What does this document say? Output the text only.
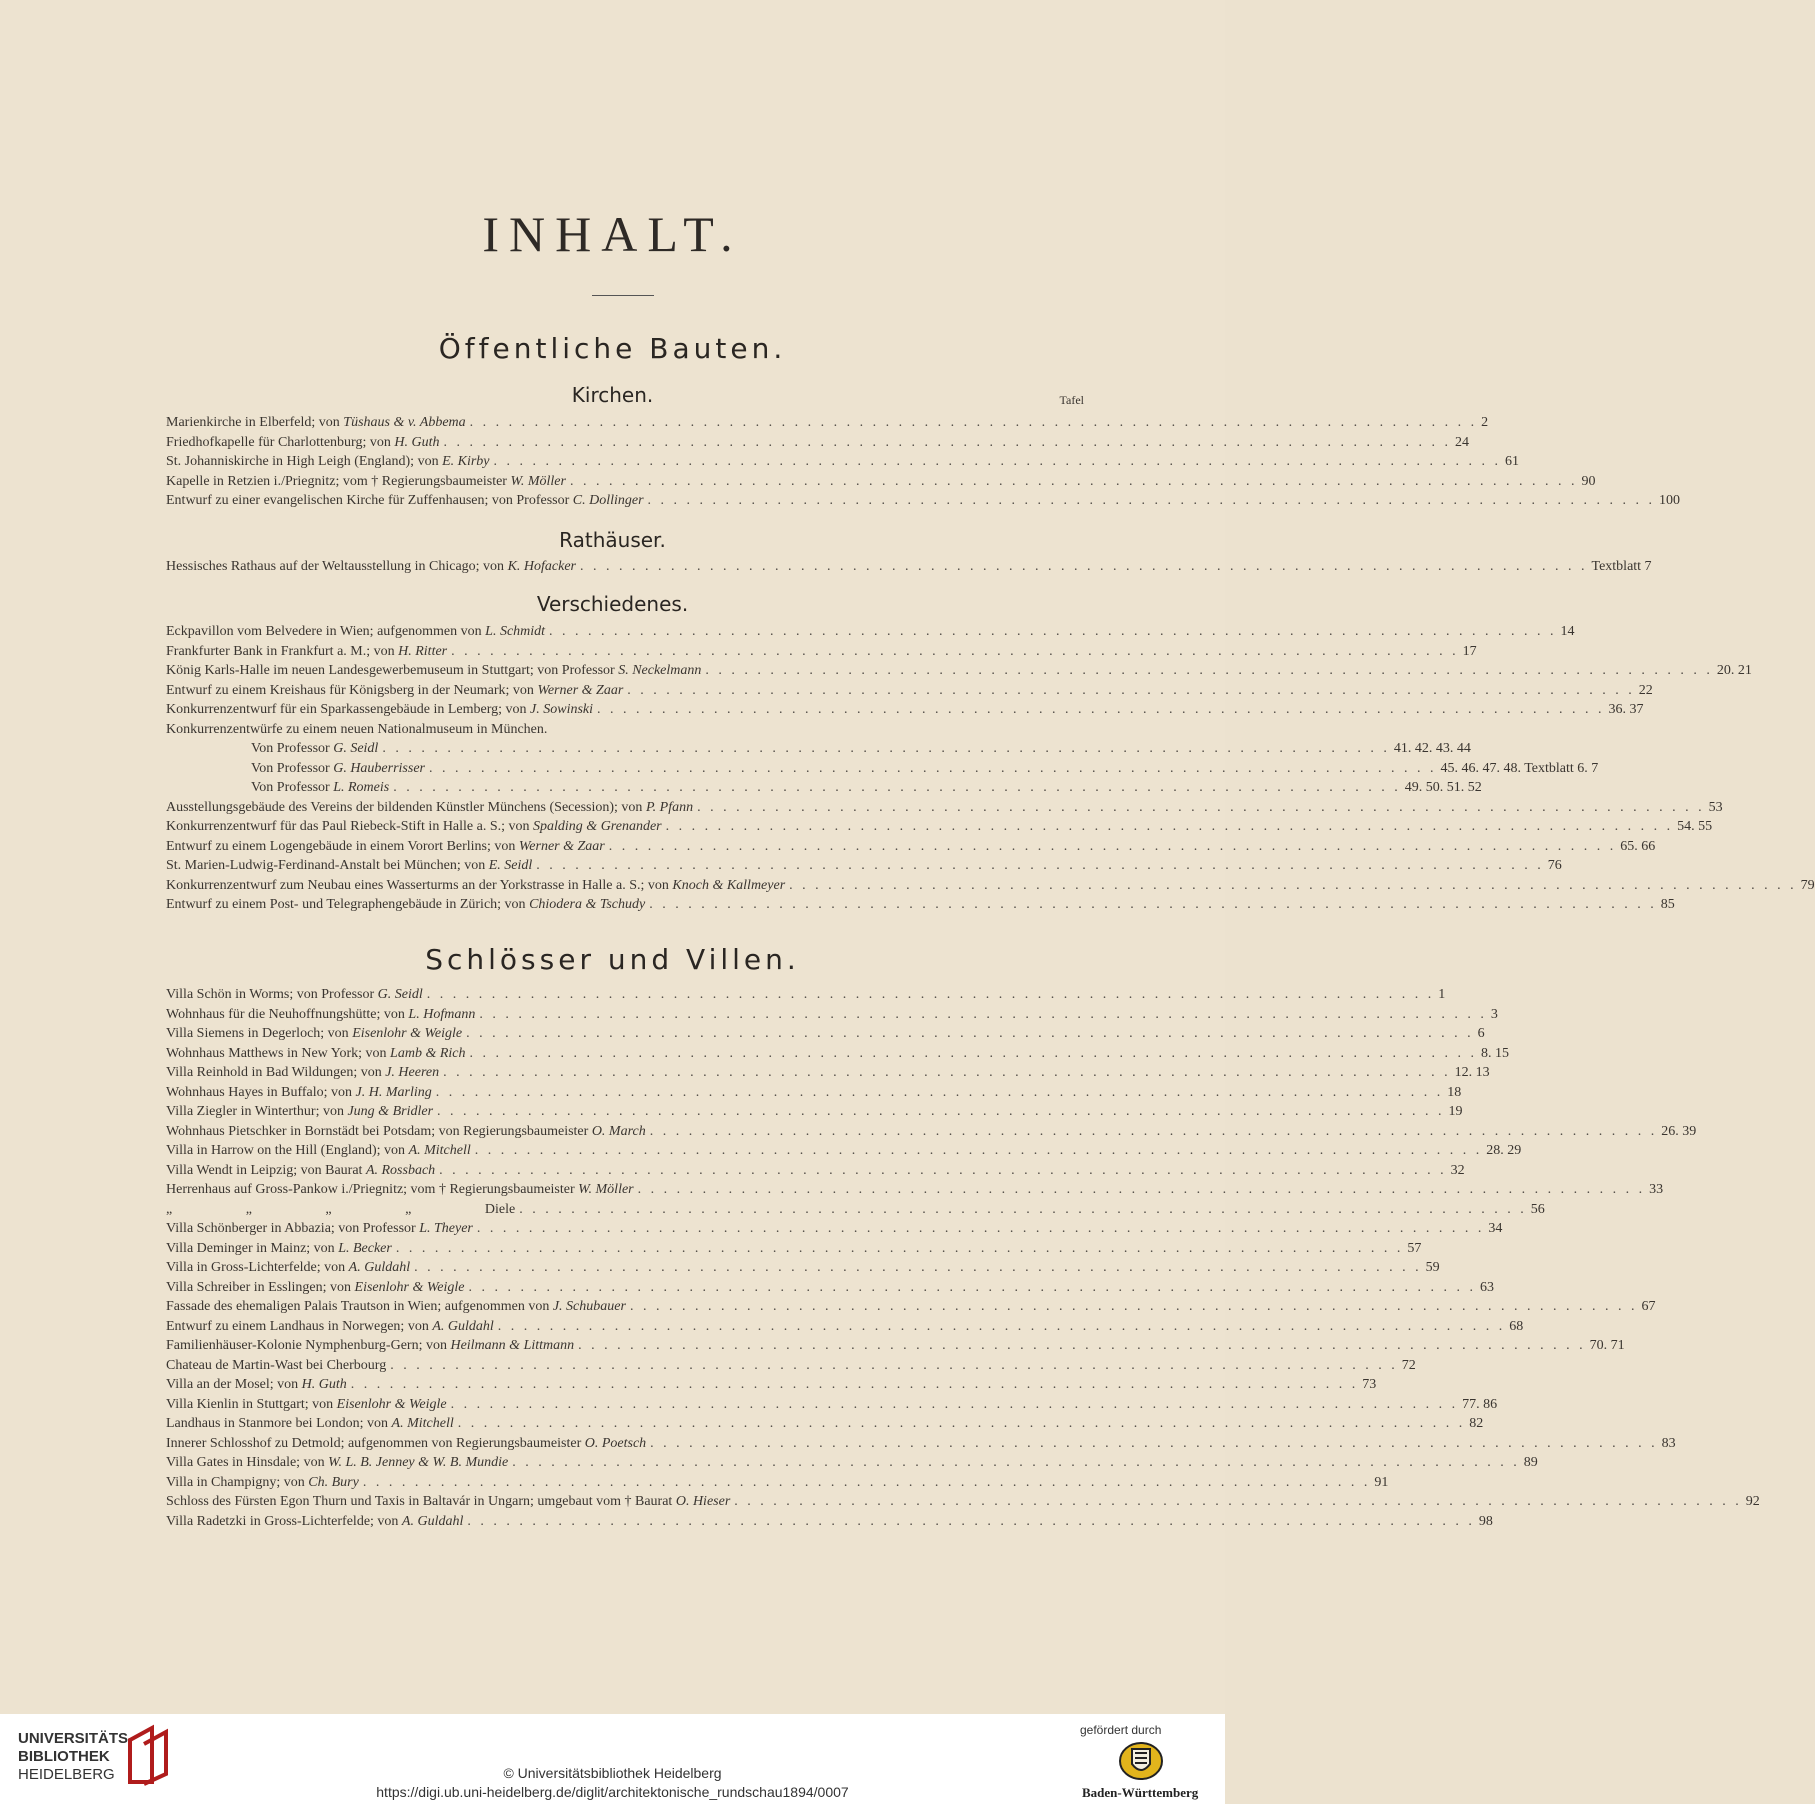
INHALT.
Öffentliche Bauten.
Kirchen.	Tafel
Marienkirche in Elberfeld; von Tüshaus & v. Abbema . . .	2
Friedhofkapelle für Charlottenburg; von H. Guth . . .	24
St. Johanniskirche in High Leigh (England); von E. Kirby . . .	61
Kapelle in Retzien i./Priegnitz; vom † Regierungsbaumeister W. Möller . . .	90
Entwurf zu einer evangelischen Kirche für Zuffenhausen; von Professor C. Dollinger . . .	100
Rathäuser.
Hessisches Rathaus auf der Weltausstellung in Chicago; von K. Hofacker . . .	Textblatt 7
Verschiedenes.
Eckpavillon vom Belvedere in Wien; aufgenommen von L. Schmidt . . .	14
Frankfurter Bank in Frankfurt a. M.; von H. Ritter . . .	17
König Karls-Halle im neuen Landesgewerbemuseum in Stuttgart; von Professor S. Neckelmann . . .	20. 21
Entwurf zu einem Kreishaus für Königsberg in der Neumark; von Werner & Zaar . . .	22
Konkurrenzentwurf für ein Sparkassengebäude in Lemberg; von J. Sowinski . . .	36. 37
Konkurrenzentwürfe zu einem neuen Nationalmuseum in München.
Von Professor G. Seidl . . .	41. 42. 43. 44
Von Professor G. Hauberrisser . . .	45. 46. 47. 48. Textblatt 6. 7
Von Professor L. Romeis . . .	49. 50. 51. 52
Ausstellungsgebäude des Vereins der bildenden Künstler Münchens (Secession); von P. Pfann . . .	53
Konkurrenzentwurf für das Paul Riebeck-Stift in Halle a. S.; von Spalding & Grenander . . .	54. 55
Entwurf zu einem Logengebäude in einem Vorort Berlins; von Werner & Zaar . . .	65. 66
St. Marien-Ludwig-Ferdinand-Anstalt bei München; von E. Seidl . . .	76
Konkurrenzentwurf zum Neubau eines Wasserturms an der Yorkstrasse in Halle a. S.; von Knoch & Kallmeyer . . .	79
Entwurf zu einem Post- und Telegraphengebäude in Zürich; von Chiodera & Tschudy . . .	85
Schlösser und Villen.
Villa Schön in Worms; von Professor G. Seidl . . .	1
Wohnhaus für die Neuhoffnungshütte; von L. Hofmann . . .	3
Villa Siemens in Degerloch; von Eisenlohr & Weigle . . .	6
Wohnhaus Matthews in New York; von Lamb & Rich . . .	8. 15
Villa Reinhold in Bad Wildungen; von J. Heeren . . .	12. 13
Wohnhaus Hayes in Buffalo; von J. H. Marling . . .	18
Villa Ziegler in Winterthur; von Jung & Bridler . . .	19
Wohnhaus Pietschker in Bornstädt bei Potsdam; von Regierungsbaumeister O. March . . .	26. 39
Villa in Harrow on the Hill (England); von A. Mitchell . . .	28. 29
Villa Wendt in Leipzig; von Baurat A. Rossbach . . .	32
Herrenhaus auf Gross-Pankow i./Priegnitz; vom † Regierungsbaumeister W. Möller . . .	33
„ „ „ „ Diele . . .	56
Villa Schönberger in Abbazia; von Professor L. Theyer . . .	34
Villa Deminger in Mainz; von L. Becker . . .	57
Villa in Gross-Lichterfelde; von A. Guldahl . . .	59
Villa Schreiber in Esslingen; von Eisenlohr & Weigle . . .	63
Fassade des ehemaligen Palais Trautson in Wien; aufgenommen von J. Schubauer . . .	67
Entwurf zu einem Landhaus in Norwegen; von A. Guldahl . . .	68
Familienhäuser-Kolonie Nymphenburg-Gern; von Heilmann & Littmann . . .	70. 71
Chateau de Martin-Wast bei Cherbourg . . .	72
Villa an der Mosel; von H. Guth . . .	73
Villa Kienlin in Stuttgart; von Eisenlohr & Weigle . . .	77. 86
Landhaus in Stanmore bei London; von A. Mitchell . . .	82
Innerer Schlosshof zu Detmold; aufgenommen von Regierungsbaumeister O. Poetsch . . .	83
Villa Gates in Hinsdale; von W. L. B. Jenney & W. B. Mundie . . .	89
Villa in Champigny; von Ch. Bury . . .	91
Schloss des Fürsten Egon Thurn und Taxis in Baltavár in Ungarn; umgebaut vom † Baurat O. Hieser . . .	92
Villa Radetzki in Gross-Lichterfelde; von A. Guldahl . . .	98
UNIVERSITÄTS-
BIBLIOTHEK
HEIDELBERG	© Universitätsbibliothek Heidelberg
https://digi.ub.uni-heidelberg.de/diglit/architektonische_rundschau1894/0007
gefördert durch
Baden-Württemberg
